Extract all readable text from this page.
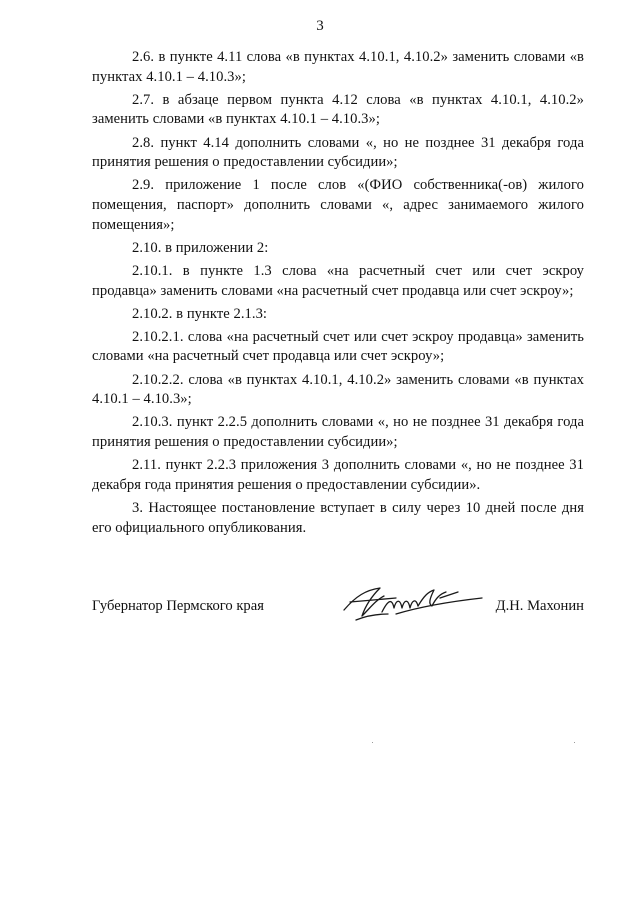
3

2.6. в пункте 4.11 слова «в пунктах 4.10.1, 4.10.2» заменить словами «в пунктах 4.10.1 – 4.10.3»;

2.7. в абзаце первом пункта 4.12 слова «в пунктах 4.10.1, 4.10.2» заменить словами «в пунктах 4.10.1 – 4.10.3»;

2.8. пункт 4.14 дополнить словами «, но не позднее 31 декабря года принятия решения о предоставлении субсидии»;

2.9. приложение 1 после слов «(ФИО собственника(-ов) жилого помещения, паспорт» дополнить словами «, адрес занимаемого жилого помещения»;

2.10. в приложении 2:

2.10.1. в пункте 1.3 слова «на расчетный счет или счет эскроу продавца» заменить словами «на расчетный счет продавца или счет эскроу»;

2.10.2. в пункте 2.1.3:

2.10.2.1. слова «на расчетный счет или счет эскроу продавца» заменить словами «на расчетный счет продавца или счет эскроу»;

2.10.2.2. слова «в пунктах 4.10.1, 4.10.2» заменить словами «в пунктах 4.10.1 – 4.10.3»;

2.10.3. пункт 2.2.5 дополнить словами «, но не позднее 31 декабря года принятия решения о предоставлении субсидии»;

2.11. пункт 2.2.3 приложения 3 дополнить словами «, но не позднее 31 декабря года принятия решения о предоставлении субсидии».

3. Настоящее постановление вступает в силу через 10 дней после дня его официального опубликования.

Губернатор Пермского края	Д.Н. Махонин
